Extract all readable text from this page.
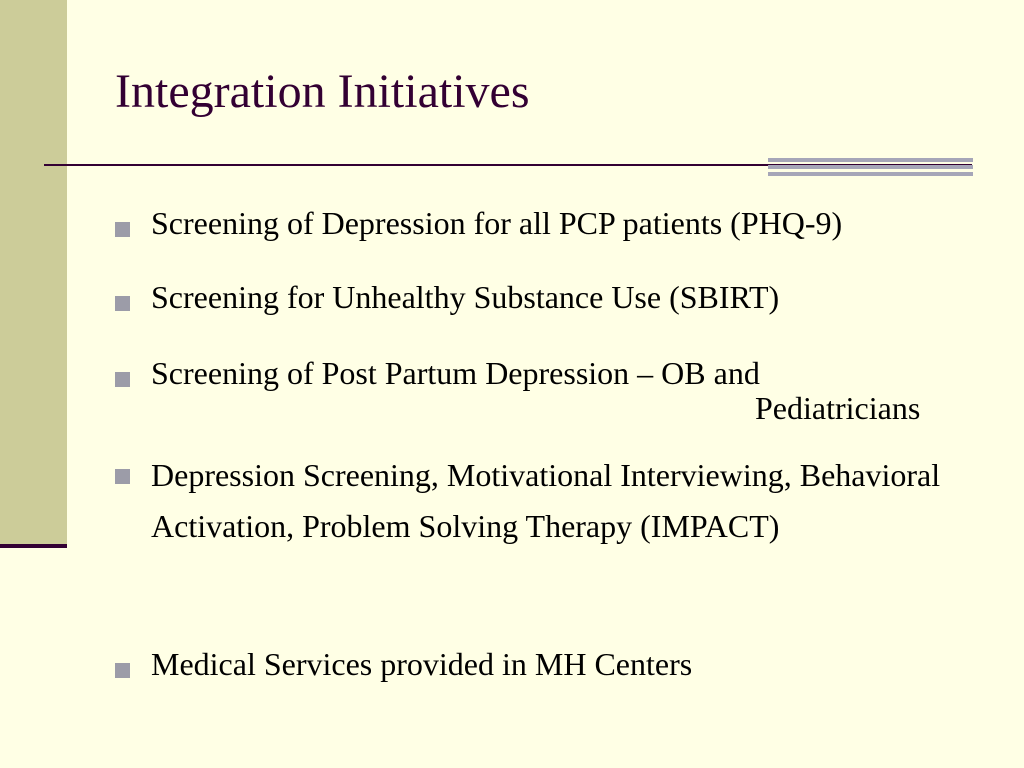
Integration Initiatives
Screening of Depression for all PCP patients (PHQ-9)
Screening for Unhealthy Substance Use (SBIRT)
Screening of Post Partum Depression – OB and
Pediatricians
Depression Screening, Motivational Interviewing, Behavioral Activation, Problem Solving Therapy (IMPACT)
Medical Services provided in MH Centers
